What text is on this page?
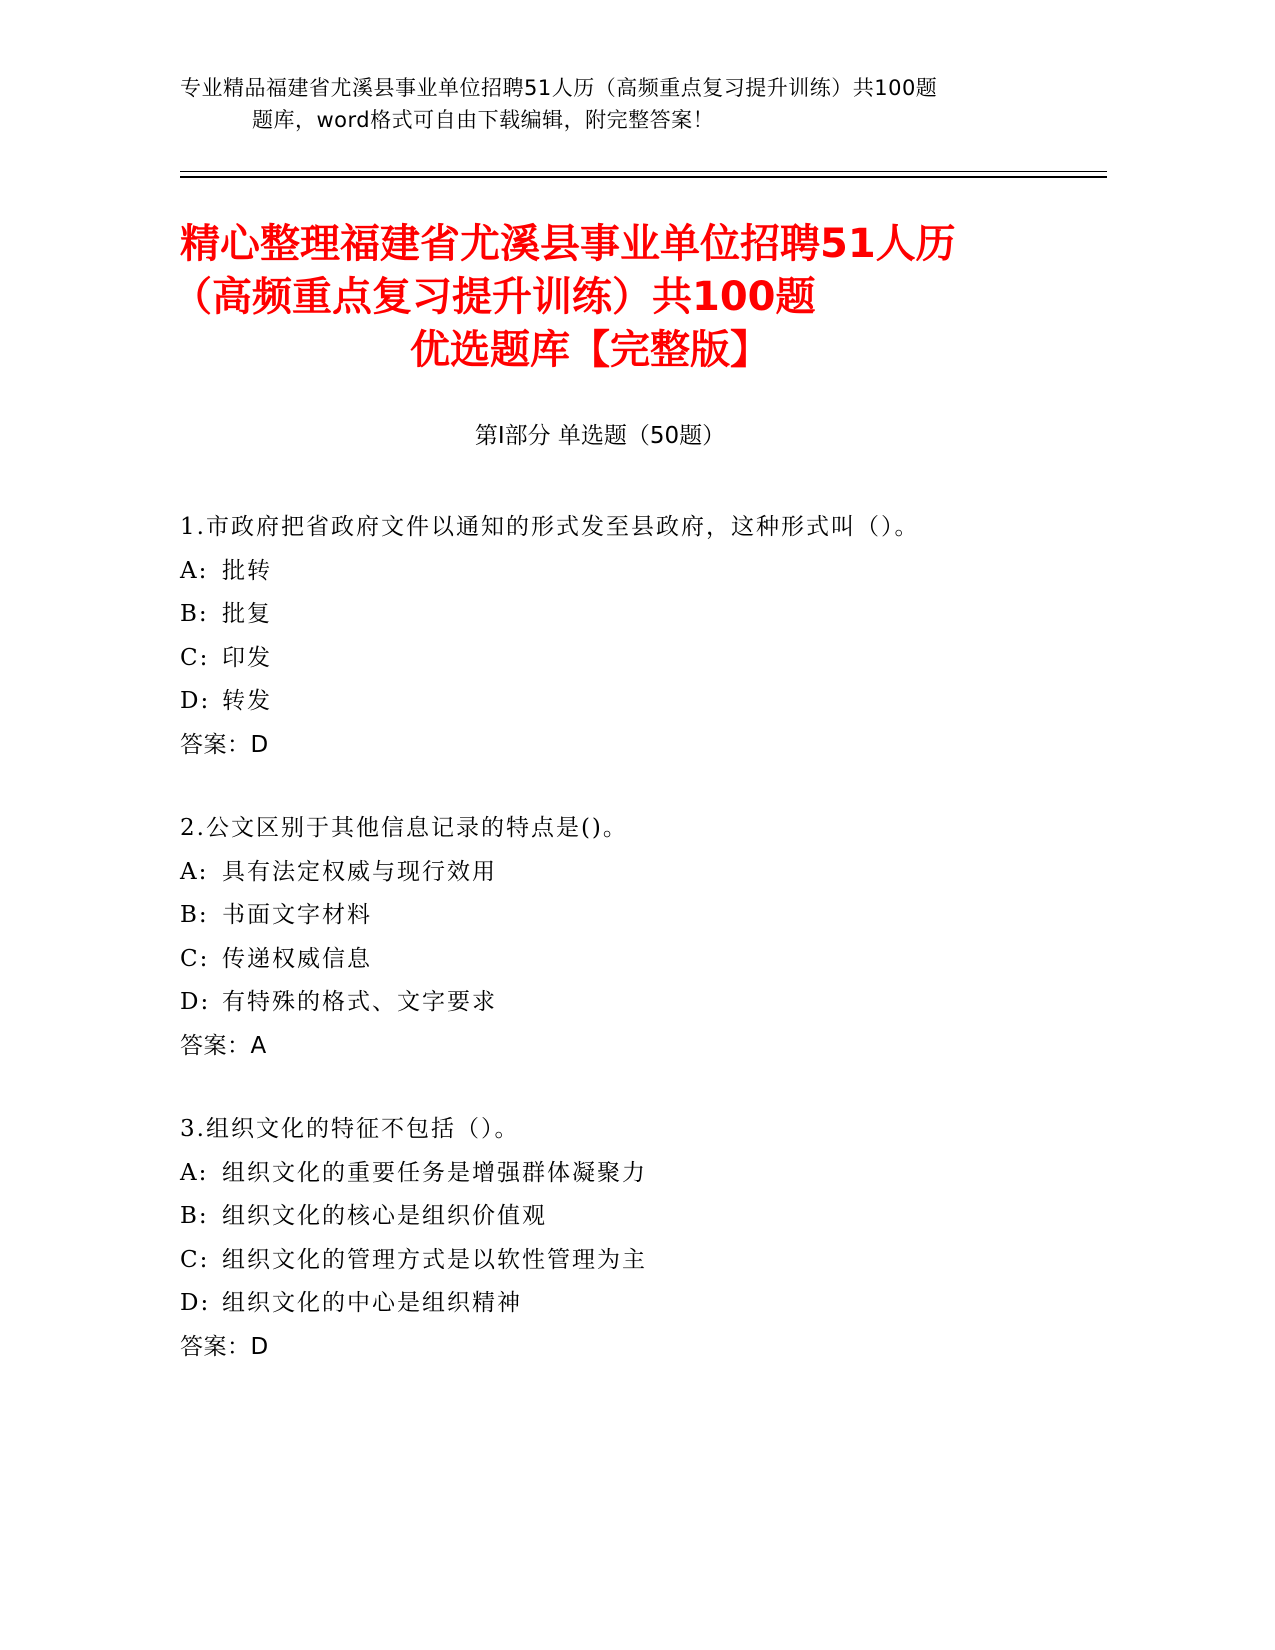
专业精品福建省尤溪县事业单位招聘51人历（高频重点复习提升训练）共100题
题库，word格式可自由下载编辑，附完整答案！
精心整理福建省尤溪县事业单位招聘51人历
（高频重点复习提升训练）共100题
优选题库【完整版】
第Ⅰ部分 单选题（50题）
1.市政府把省政府文件以通知的形式发至县政府，这种形式叫（）。
A: 批转
B: 批复
C: 印发
D: 转发
答案：D
2.公文区别于其他信息记录的特点是()。
A: 具有法定权威与现行效用
B: 书面文字材料
C: 传递权威信息
D: 有特殊的格式、文字要求
答案：A
3.组织文化的特征不包括（）。
A: 组织文化的重要任务是增强群体凝聚力
B: 组织文化的核心是组织价值观
C: 组织文化的管理方式是以软性管理为主
D: 组织文化的中心是组织精神
答案：D
